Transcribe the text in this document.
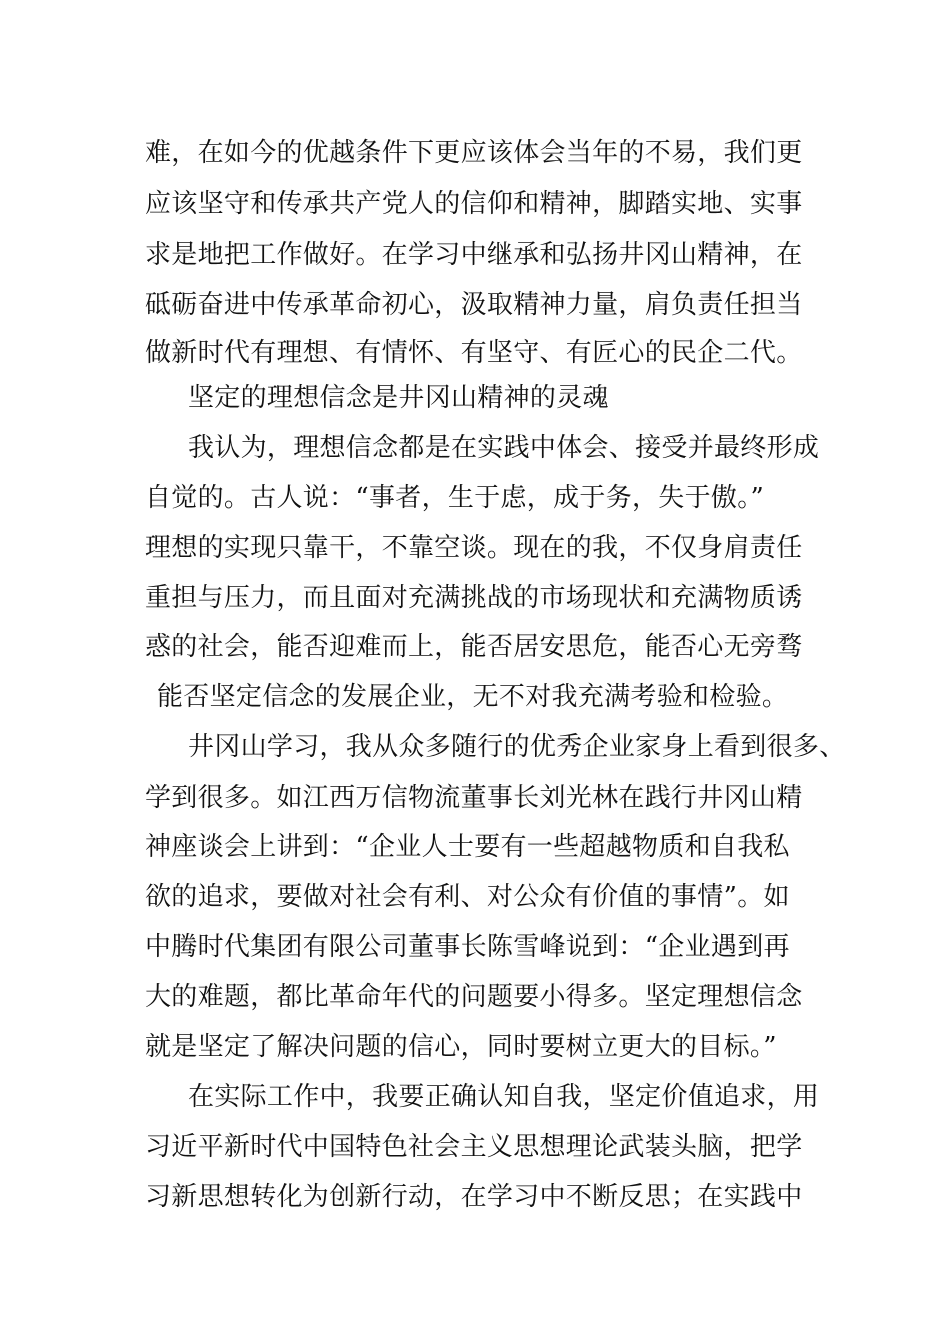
难，在如今的优越条件下更应该体会当年的不易，我们更
应该坚守和传承共产党人的信仰和精神，脚踏实地、实事
求是地把工作做好。在学习中继承和弘扬井冈山精神，在
砥砺奋进中传承革命初心，汲取精神力量，肩负责任担当
做新时代有理想、有情怀、有坚守、有匠心的民企二代。
坚定的理想信念是井冈山精神的灵魂
我认为，理想信念都是在实践中体会、接受并最终形成
自觉的。古人说：“事者，生于虑，成于务，失于傲。”
理想的实现只靠干，不靠空谈。现在的我，不仅身肩责任
重担与压力，而且面对充满挑战的市场现状和充满物质诱
惑的社会，能否迎难而上，能否居安思危，能否心无旁骛
能否坚定信念的发展企业，无不对我充满考验和检验。
井冈山学习，我从众多随行的优秀企业家身上看到很多、
学到很多。如江西万信物流董事长刘光林在践行井冈山精
神座谈会上讲到：“企业人士要有一些超越物质和自我私
欲的追求，要做对社会有利、对公众有价值的事情”。如
中腾时代集团有限公司董事长陈雪峰说到：“企业遇到再
大的难题，都比革命年代的问题要小得多。坚定理想信念
就是坚定了解决问题的信心，同时要树立更大的目标。”
在实际工作中，我要正确认知自我，坚定价值追求，用
习近平新时代中国特色社会主义思想理论武装头脑，把学
习新思想转化为创新行动，在学习中不断反思；在实践中
